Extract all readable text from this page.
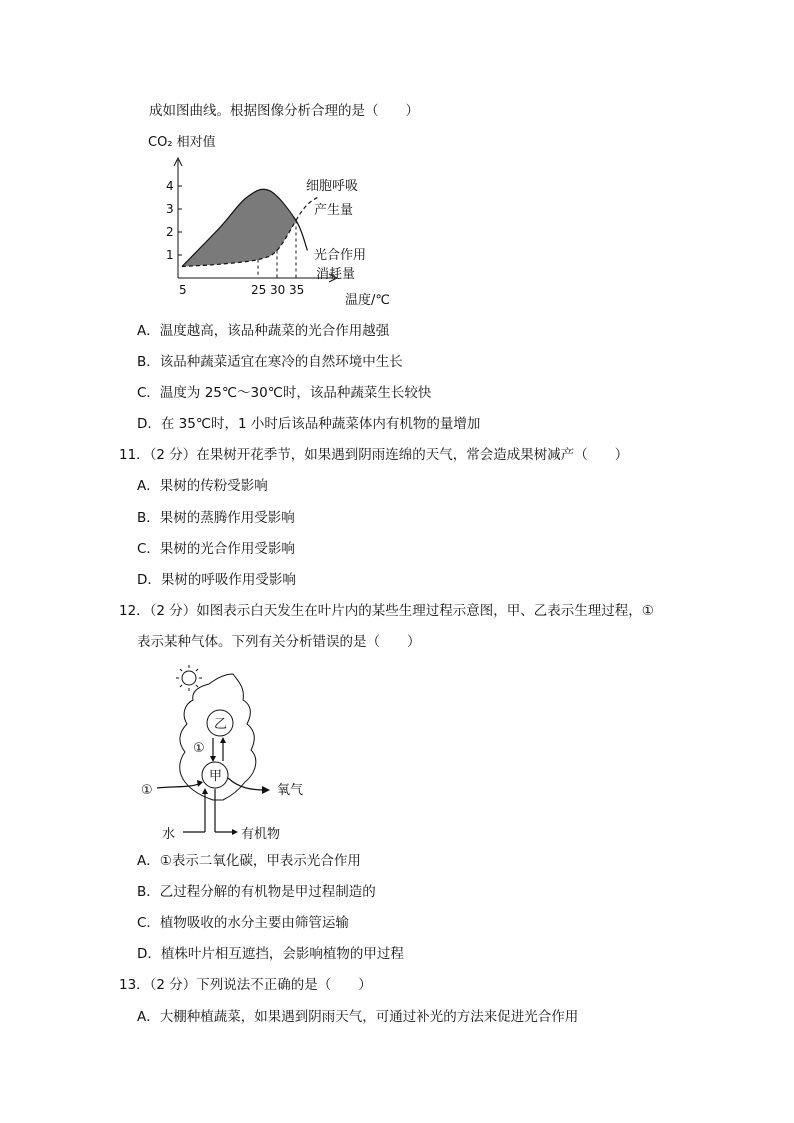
成如图曲线。根据图像分析合理的是（　　）
CO₂ 相对值
1
2
3
4
5	25 30 35
细胞呼吸
产生量
光合作用
消耗量
温度/℃
A．温度越高，该品种蔬菜的光合作用越强
B．该品种蔬菜适宜在寒冷的自然环境中生长
C．温度为 25℃～30℃时，该品种蔬菜生长较快
D．在 35℃时，1 小时后该品种蔬菜体内有机物的量增加
11．（2 分）在果树开花季节，如果遇到阴雨连绵的天气，常会造成果树减产（　　）
A．果树的传粉受影响
B．果树的蒸腾作用受影响
C．果树的光合作用受影响
D．果树的呼吸作用受影响
12．（2 分）如图表示白天发生在叶片内的某些生理过程示意图，甲、乙表示生理过程，①
表示某种气体。下列有关分析错误的是（　　）
乙
甲
①
①	氧气
水	有机物
A．①表示二氧化碳，甲表示光合作用
B．乙过程分解的有机物是甲过程制造的
C．植物吸收的水分主要由筛管运输
D．植株叶片相互遮挡，会影响植物的甲过程
13．（2 分）下列说法不正确的是（　　）
A．大棚种植蔬菜，如果遇到阴雨天气，可通过补光的方法来促进光合作用
